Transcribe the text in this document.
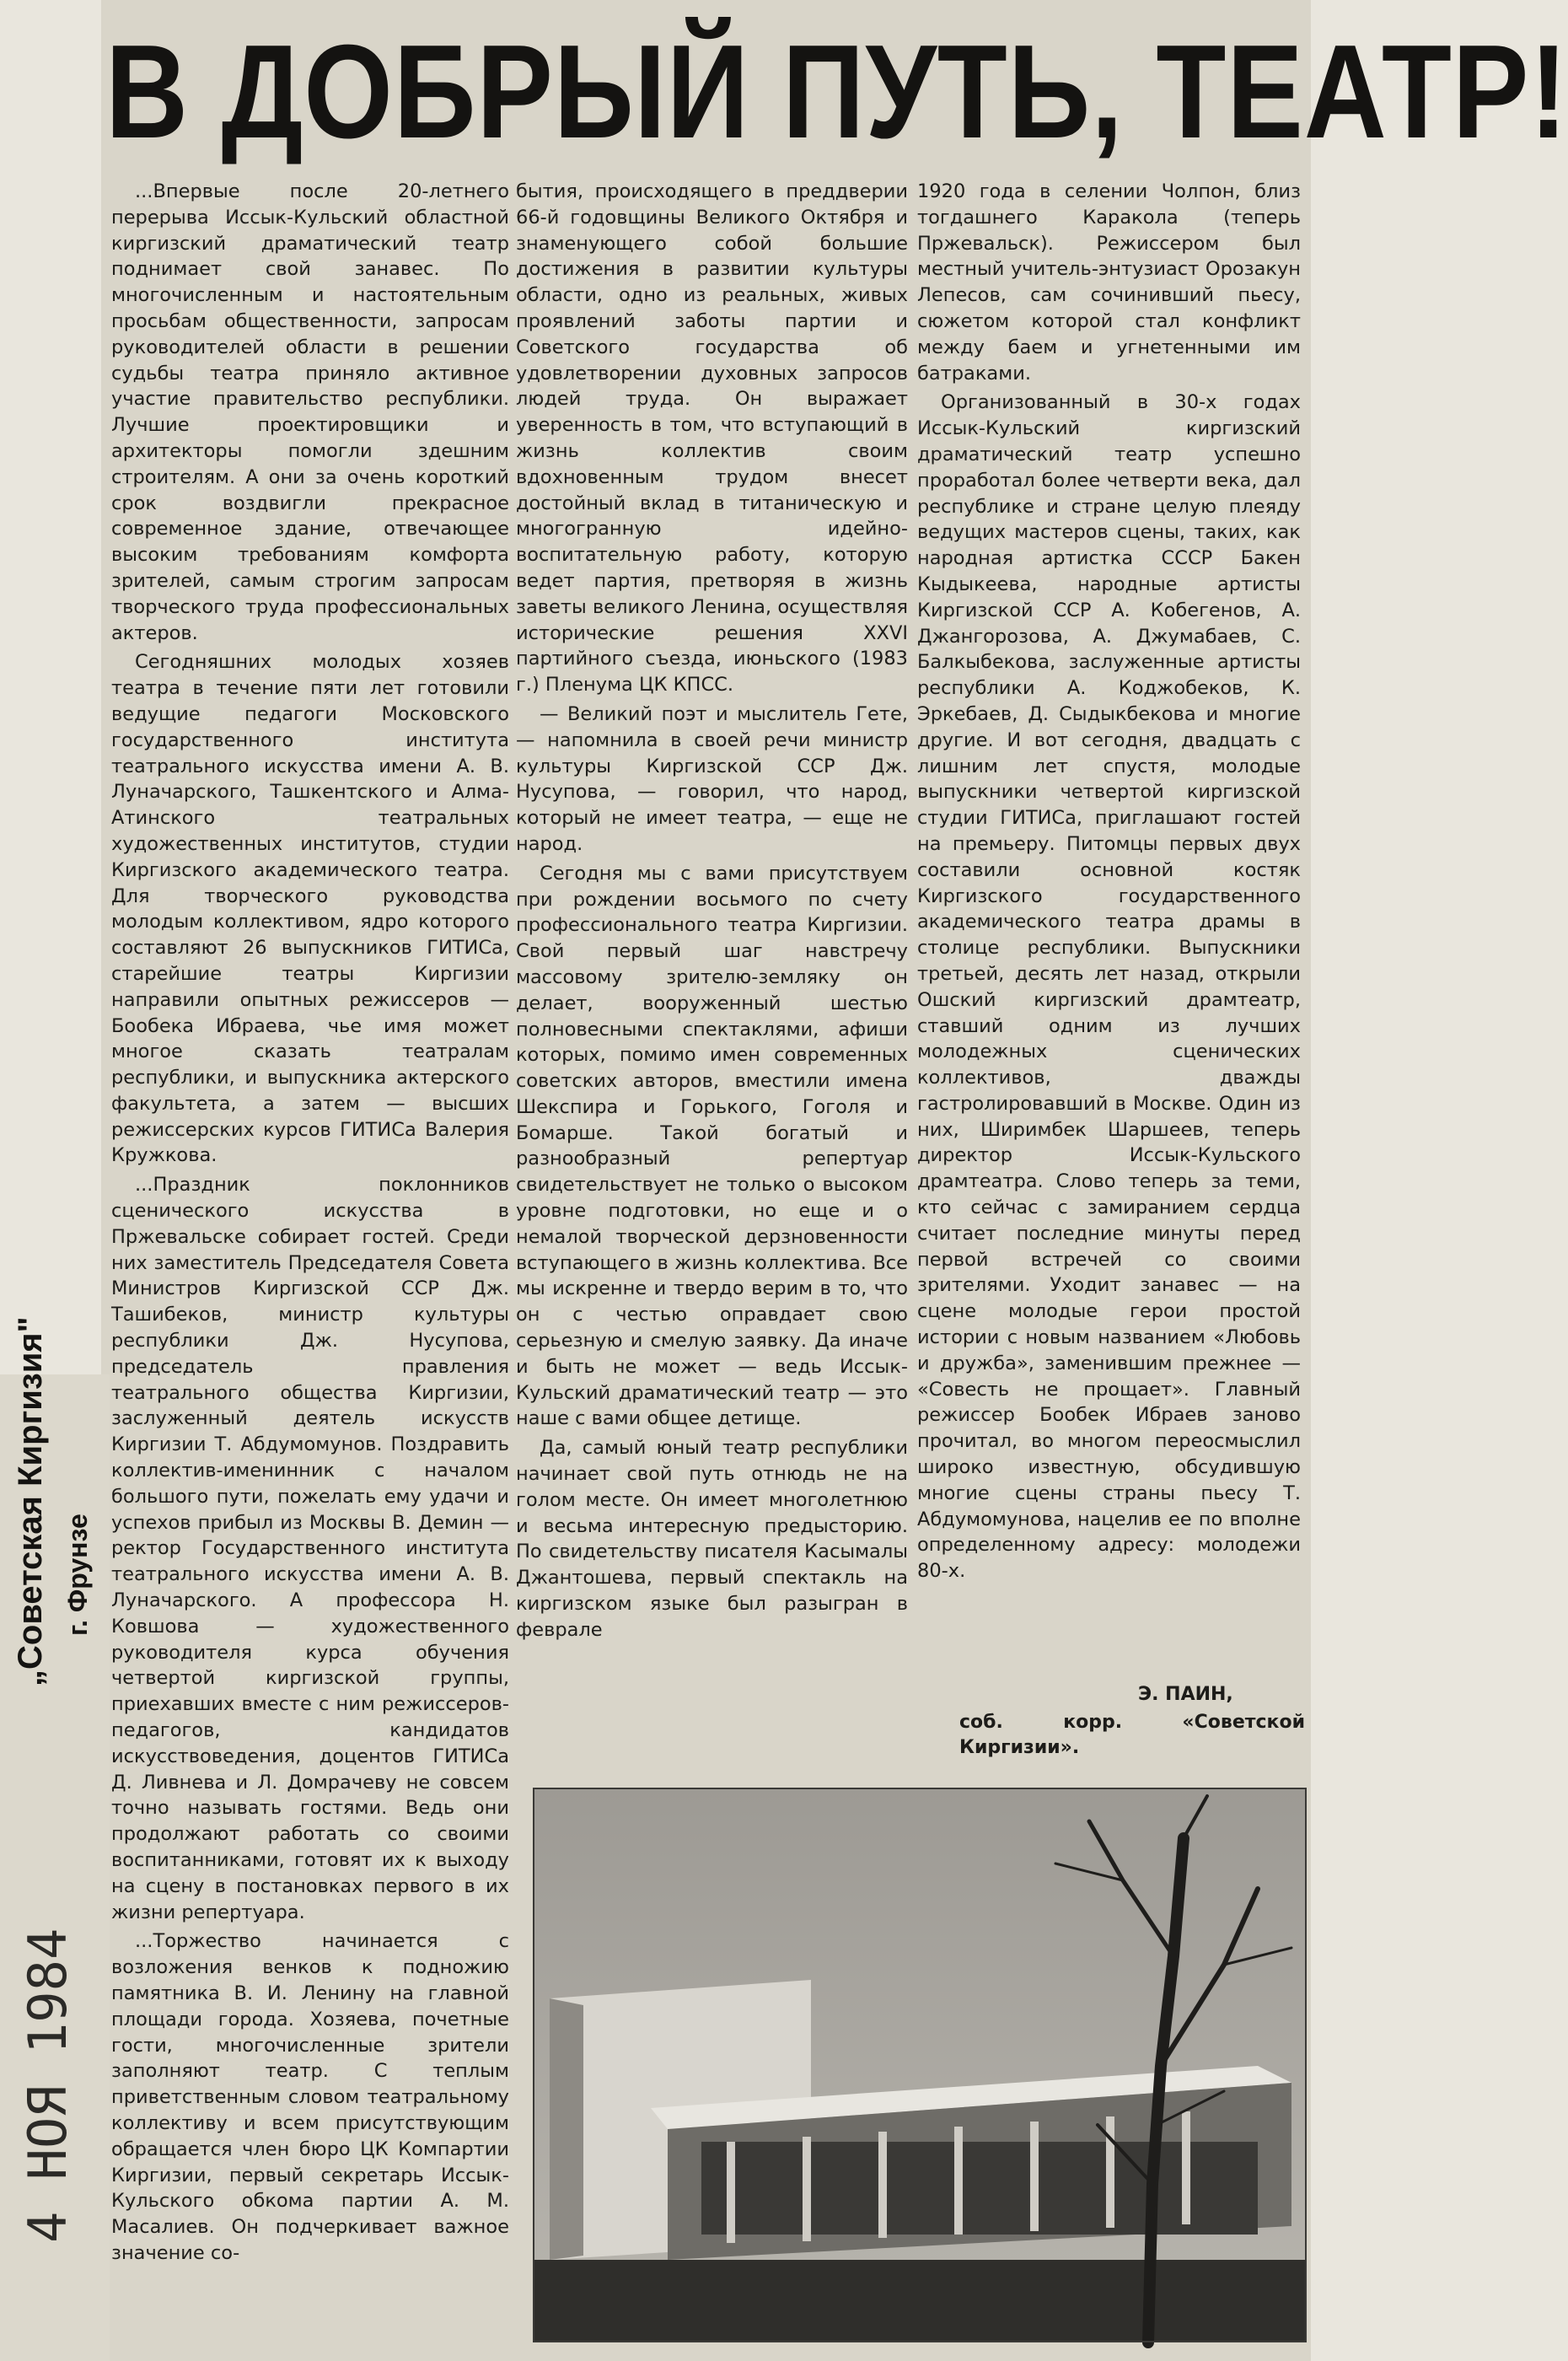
В ДОБРЫЙ ПУТЬ, ТЕАТР!

...Впервые после 20-летнего перерыва Иссык-Кульский областной киргизский драматический театр поднимает свой занавес. По многочисленным и настоятельным просьбам общественности, запросам руководителей области в решении судьбы театра приняло активное участие правительство республики. Лучшие проектировщики и архитекторы помогли здешним строителям. А они за очень короткий срок воздвигли прекрасное современное здание, отвечающее высоким требованиям комфорта зрителей, самым строгим запросам творческого труда профессиональных актеров.

Сегодняшних молодых хозяев театра в течение пяти лет готовили ведущие педагоги Московского государственного института театрального искусства имени А. В. Луначарского, Ташкентского и Алма-Атинского театральных художественных институтов, студии Киргизского академического театра. Для творческого руководства молодым коллективом, ядро которого составляют 26 выпускников ГИТИСа, старейшие театры Киргизии направили опытных режиссеров — Бообека Ибраева, чье имя может многое сказать театралам республики, и выпускника актерского факультета, а затем — высших режиссерских курсов ГИТИСа Валерия Кружкова.

...Праздник поклонников сценического искусства в Пржевальске собирает гостей. Среди них заместитель Председателя Совета Министров Киргизской ССР Дж. Ташибеков, министр культуры республики Дж. Нусупова, председатель правления театрального общества Киргизии, заслуженный деятель искусств Киргизии Т. Абдумомунов. Поздравить коллектив-именинник с началом большого пути, пожелать ему удачи и успехов прибыл из Москвы В. Демин — ректор Государственного института театрального искусства имени А. В. Луначарского. А профессора Н. Ковшова — художественного руководителя курса обучения четвертой киргизской группы, приехавших вместе с ним режиссеров-педагогов, кандидатов искусствоведения, доцентов ГИТИСа Д. Ливнева и Л. Домрачеву не совсем точно называть гостями. Ведь они продолжают работать со своими воспитанниками, готовят их к выходу на сцену в постановках первого в их жизни репертуара.

...Торжество начинается с возложения венков к подножию памятника В. И. Ленину на главной площади города. Хозяева, почетные гости, многочисленные зрители заполняют театр. С теплым приветственным словом театральному коллективу и всем присутствующим обращается член бюро ЦК Компартии Киргизии, первый секретарь Иссык-Кульского обкома партии А. М. Масалиев. Он подчеркивает важное значение со-

бытия, происходящего в преддверии 66-й годовщины Великого Октября и знаменующего собой большие достижения в развитии культуры области, одно из реальных, живых проявлений заботы партии и Советского государства об удовлетворении духовных запросов людей труда. Он выражает уверенность в том, что вступающий в жизнь коллектив своим вдохновенным трудом внесет достойный вклад в титаническую и многогранную идейно-воспитательную работу, которую ведет партия, претворяя в жизнь заветы великого Ленина, осуществляя исторические решения XXVI партийного съезда, июньского (1983 г.) Пленума ЦК КПСС.

— Великий поэт и мыслитель Гете, — напомнила в своей речи министр культуры Киргизской ССР Дж. Нусупова, — говорил, что народ, который не имеет театра, — еще не народ.

Сегодня мы с вами присутствуем при рождении восьмого по счету профессионального театра Киргизии. Свой первый шаг навстречу массовому зрителю-земляку он делает, вооруженный шестью полновесными спектаклями, афиши которых, помимо имен современных советских авторов, вместили имена Шекспира и Горького, Гоголя и Бомарше. Такой богатый и разнообразный репертуар свидетельствует не только о высоком уровне подготовки, но еще и о немалой творческой дерзновенности вступающего в жизнь коллектива. Все мы искренне и твердо верим в то, что он с честью оправдает свою серьезную и смелую заявку. Да иначе и быть не может — ведь Иссык-Кульский драматический театр — это наше с вами общее детище.

Да, самый юный театр республики начинает свой путь отнюдь не на голом месте. Он имеет многолетнюю и весьма интересную предысторию. По свидетельству писателя Касымалы Джантошева, первый спектакль на киргизском языке был разыгран в феврале

1920 года в селении Чолпон, близ тогдашнего Каракола (теперь Пржевальск). Режиссером был местный учитель-энтузиаст Орозакун Лепесов, сам сочинивший пьесу, сюжетом которой стал конфликт между баем и угнетенными им батраками.

Организованный в 30-х годах Иссык-Кульский киргизский драматический театр успешно проработал более четверти века, дал республике и стране целую плеяду ведущих мастеров сцены, таких, как народная артистка СССР Бакен Кыдыкеева, народные артисты Киргизской ССР А. Кобегенов, А. Джангорозова, А. Джумабаев, С. Балкыбекова, заслуженные артисты республики А. Коджобеков, К. Эркебаев, Д. Сыдыкбекова и многие другие. И вот сегодня, двадцать с лишним лет спустя, молодые выпускники четвертой киргизской студии ГИТИСа, приглашают гостей на премьеру. Питомцы первых двух составили основной костяк Киргизского государственного академического театра драмы в столице республики. Выпускники третьей, десять лет назад, открыли Ошский киргизский драмтеатр, ставший одним из лучших молодежных сценических коллективов, дважды гастролировавший в Москве. Один из них, Ширимбек Шаршеев, теперь директор Иссык-Кульского драмтеатра. Слово теперь за теми, кто сейчас с замиранием сердца считает последние минуты перед первой встречей со своими зрителями. Уходит занавес — на сцене молодые герои простой истории с новым названием «Любовь и дружба», заменившим прежнее — «Совесть не прощает». Главный режиссер Бообек Ибраев заново прочитал, во многом переосмыслил широко известную, обсудившую многие сцены страны пьесу Т. Абдумомунова, нацелив ее по вполне определенному адресу: молодежи 80-х.

Э. ПАИН,
соб. корр. «Советской Киргизии».
„Советская Киргизия" г. Фрунзе
4 НОЯ 1984
